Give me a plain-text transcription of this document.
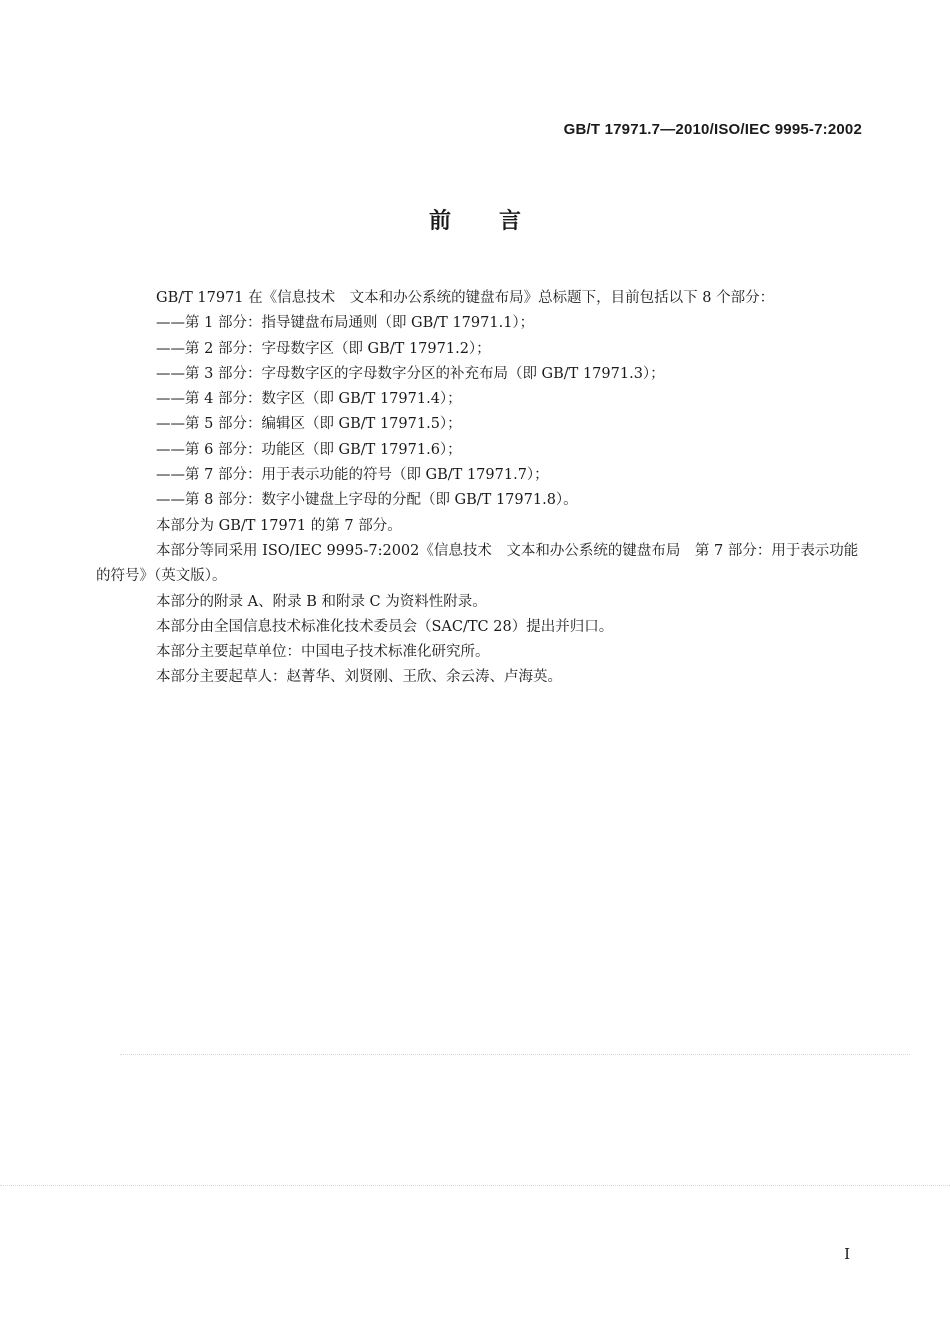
GB/T 17971.7—2010/ISO/IEC 9995-7:2002
前言
GB/T 17971 在《信息技术　文本和办公系统的键盘布局》总标题下，目前包括以下 8 个部分：
——第 1 部分：指导键盘布局通则（即 GB/T 17971.1）；
——第 2 部分：字母数字区（即 GB/T 17971.2）；
——第 3 部分：字母数字区的字母数字分区的补充布局（即 GB/T 17971.3）；
——第 4 部分：数字区（即 GB/T 17971.4）；
——第 5 部分：编辑区（即 GB/T 17971.5）；
——第 6 部分：功能区（即 GB/T 17971.6）；
——第 7 部分：用于表示功能的符号（即 GB/T 17971.7）；
——第 8 部分：数字小键盘上字母的分配（即 GB/T 17971.8）。
本部分为 GB/T 17971 的第 7 部分。
本部分等同采用 ISO/IEC 9995-7:2002《信息技术　文本和办公系统的键盘布局　第 7 部分：用于表示功能的符号》（英文版）。
本部分的附录 A、附录 B 和附录 C 为资料性附录。
本部分由全国信息技术标准化技术委员会（SAC/TC 28）提出并归口。
本部分主要起草单位：中国电子技术标准化研究所。
本部分主要起草人：赵菁华、刘贤刚、王欣、余云涛、卢海英。
I
